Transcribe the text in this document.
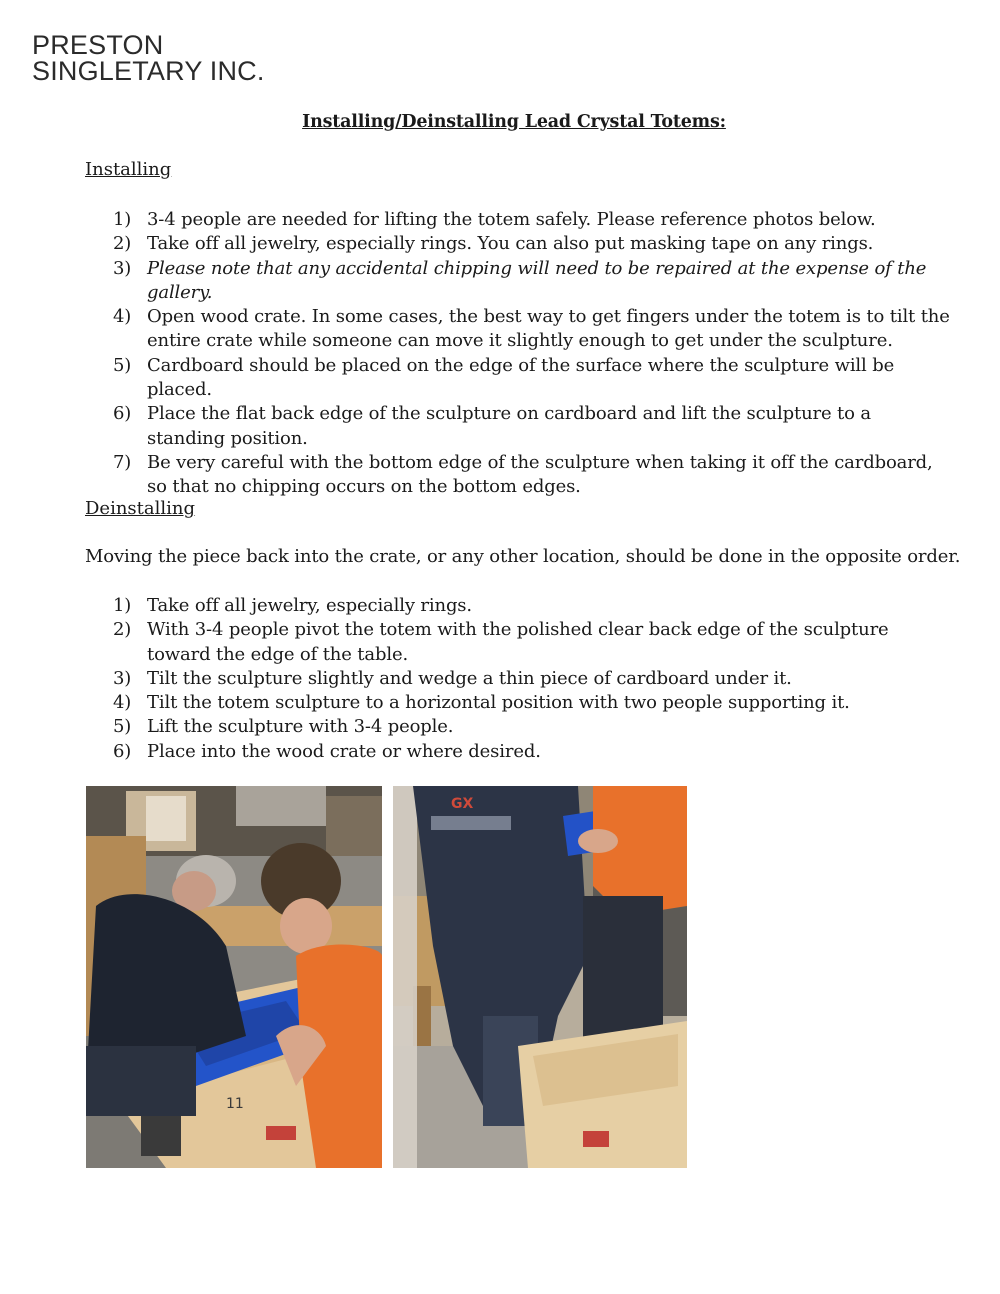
PRESTON
SINGLETARY INC.
Installing/Deinstalling Lead Crystal Totems:
Installing
1) 3-4 people are needed for lifting the totem safely. Please reference photos below.
2) Take off all jewelry, especially rings. You can also put masking tape on any rings.
3) Please note that any accidental chipping will need to be repaired at the expense of the gallery.
4) Open wood crate. In some cases, the best way to get fingers under the totem is to tilt the entire crate while someone can move it slightly enough to get under the sculpture.
5) Cardboard should be placed on the edge of the surface where the sculpture will be placed.
6) Place the flat back edge of the sculpture on cardboard and lift the sculpture to a standing position.
7) Be very careful with the bottom edge of the sculpture when taking it off the cardboard, so that no chipping occurs on the bottom edges.
Deinstalling
Moving the piece back into the crate, or any other location, should be done in the opposite order.
1) Take off all jewelry, especially rings.
2) With 3-4 people pivot the totem with the polished clear back edge of the sculpture toward the edge of the table.
3) Tilt the sculpture slightly and wedge a thin piece of cardboard under it.
4) Tilt the totem sculpture to a horizontal position with two people supporting it.
5) Lift the sculpture with 3-4 people.
6) Place into the wood crate or where desired.
11
GX
